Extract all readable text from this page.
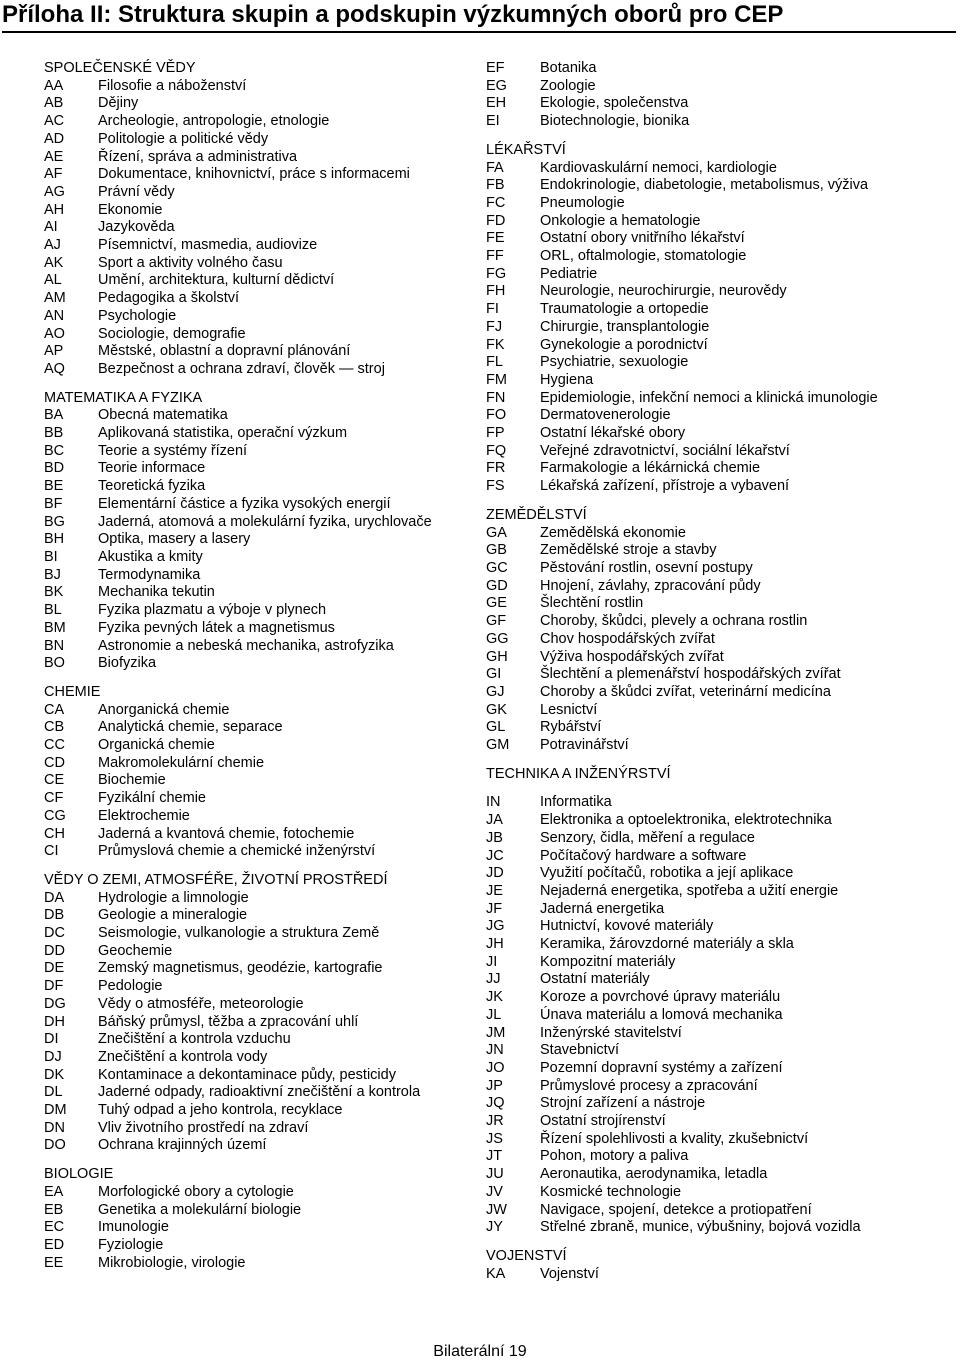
Příloha II: Struktura skupin a podskupin výzkumných oborů pro CEP
SPOLEČENSKÉ VĚDY
AA	Filosofie a náboženství
AB	Dějiny
AC	Archeologie, antropologie, etnologie
AD	Politologie a politické vědy
AE	Řízení, správa a administrativa
AF	Dokumentace, knihovnictví, práce s informacemi
AG	Právní vědy
AH	Ekonomie
AI	Jazykověda
AJ	Písemnictví, masmedia, audiovize
AK	Sport a aktivity volného času
AL	Umění, architektura, kulturní dědictví
AM	Pedagogika a školství
AN	Psychologie
AO	Sociologie, demografie
AP	Městské, oblastní a dopravní plánování
AQ	Bezpečnost a ochrana zdraví, člověk — stroj
MATEMATIKA A FYZIKA
BA	Obecná matematika
BB	Aplikovaná statistika, operační výzkum
BC	Teorie a systémy řízení
BD	Teorie informace
BE	Teoretická fyzika
BF	Elementární částice a fyzika vysokých energií
BG	Jaderná, atomová a molekulární fyzika, urychlovače
BH	Optika, masery a lasery
BI	Akustika a kmity
BJ	Termodynamika
BK	Mechanika tekutin
BL	Fyzika plazmatu a výboje v plynech
BM	Fyzika pevných látek a magnetismus
BN	Astronomie a nebeská mechanika, astrofyzika
BO	Biofyzika
CHEMIE
CA	Anorganická chemie
CB	Analytická chemie, separace
CC	Organická chemie
CD	Makromolekulární chemie
CE	Biochemie
CF	Fyzikální chemie
CG	Elektrochemie
CH	Jaderná a kvantová chemie, fotochemie
CI	Průmyslová chemie a chemické inženýrství
VĚDY O ZEMI, ATMOSFÉŘE, ŽIVOTNÍ PROSTŘEDÍ
DA	Hydrologie a limnologie
DB	Geologie a mineralogie
DC	Seismologie, vulkanologie a struktura Země
DD	Geochemie
DE	Zemský magnetismus, geodézie, kartografie
DF	Pedologie
DG	Vědy o atmosféře, meteorologie
DH	Báňský průmysl, těžba a zpracování uhlí
DI	Znečištění a kontrola vzduchu
DJ	Znečištění a kontrola vody
DK	Kontaminace a dekontaminace půdy, pesticidy
DL	Jaderné odpady, radioaktivní znečištění a kontrola
DM	Tuhý odpad a jeho kontrola, recyklace
DN	Vliv životního prostředí na zdraví
DO	Ochrana krajinných území
BIOLOGIE
EA	Morfologické obory a cytologie
EB	Genetika a molekulární biologie
EC	Imunologie
ED	Fyziologie
EE	Mikrobiologie, virologie
EF	Botanika
EG	Zoologie
EH	Ekologie, společenstva
EI	Biotechnologie, bionika
LÉKAŘSTVÍ
FA	Kardiovaskulární nemoci, kardiologie
FB	Endokrinologie, diabetologie, metabolismus, výživa
FC	Pneumologie
FD	Onkologie a hematologie
FE	Ostatní obory vnitřního lékařství
FF	ORL, oftalmologie, stomatologie
FG	Pediatrie
FH	Neurologie, neurochirurgie, neurovědy
FI	Traumatologie a ortopedie
FJ	Chirurgie, transplantologie
FK	Gynekologie a porodnictví
FL	Psychiatrie, sexuologie
FM	Hygiena
FN	Epidemiologie, infekční nemoci a klinická imunologie
FO	Dermatovenerologie
FP	Ostatní lékařské obory
FQ	Veřejné zdravotnictví, sociální lékařství
FR	Farmakologie a lékárnická chemie
FS	Lékařská zařízení, přístroje a vybavení
ZEMĚDĚLSTVÍ
GA	Zemědělská ekonomie
GB	Zemědělské stroje a stavby
GC	Pěstování rostlin, osevní postupy
GD	Hnojení, závlahy, zpracování půdy
GE	Šlechtění rostlin
GF	Choroby, škůdci, plevely a ochrana rostlin
GG	Chov hospodářských zvířat
GH	Výživa hospodářských zvířat
GI	Šlechtění a plemenářství hospodářských zvířat
GJ	Choroby a škůdci zvířat, veterinární medicína
GK	Lesnictví
GL	Rybářství
GM	Potravinářství
TECHNIKA A INŽENÝRSTVÍ
IN	Informatika
JA	Elektronika a optoelektronika, elektrotechnika
JB	Senzory, čidla, měření a regulace
JC	Počítačový hardware a software
JD	Využití počítačů, robotika a její aplikace
JE	Nejaderná energetika, spotřeba a užití energie
JF	Jaderná energetika
JG	Hutnictví, kovové materiály
JH	Keramika, žárovzdorné materiály a skla
JI	Kompozitní materiály
JJ	Ostatní materiály
JK	Koroze a povrchové úpravy materiálu
JL	Únava materiálu a lomová mechanika
JM	Inženýrské stavitelství
JN	Stavebnictví
JO	Pozemní dopravní systémy a zařízení
JP	Průmyslové procesy a zpracování
JQ	Strojní zařízení a nástroje
JR	Ostatní strojírenství
JS	Řízení spolehlivosti a kvality, zkušebnictví
JT	Pohon, motory a paliva
JU	Aeronautika, aerodynamika, letadla
JV	Kosmické technologie
JW	Navigace, spojení, detekce a protiopatření
JY	Střelné zbraně, munice, výbušniny, bojová vozidla
VOJENSTVÍ
KA	Vojenství
Bilaterální 19
